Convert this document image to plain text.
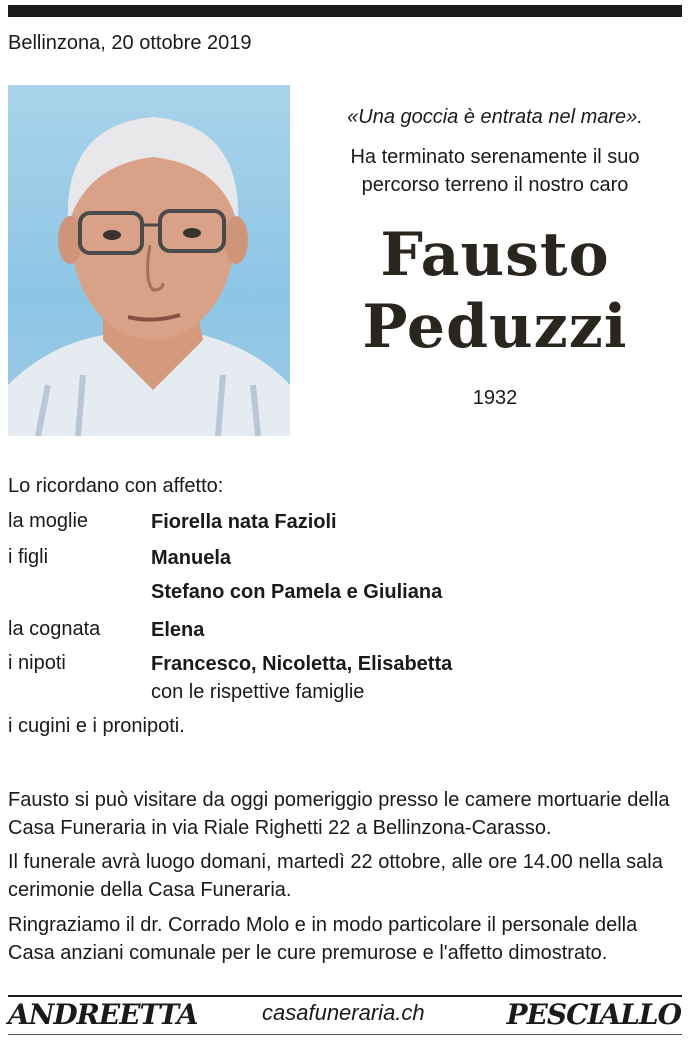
Bellinzona, 20 ottobre 2019
«Una goccia è entrata nel mare».
Ha terminato serenamente il suo
percorso terreno il nostro caro
Fausto
Peduzzi
1932
Lo ricordano con affetto:
la moglie	Fiorella nata Fazioli
i figli	Manuela
Stefano con Pamela e Giuliana
la cognata	Elena
i nipoti	Francesco, Nicoletta, Elisabetta
con le rispettive famiglie
i cugini e i pronipoti.
Fausto si può visitare da oggi pomeriggio presso le camere mortuarie della Casa Funeraria in via Riale Righetti 22 a Bellinzona-Carasso.
Il funerale avrà luogo domani, martedì 22 ottobre, alle ore 14.00 nella sala cerimonie della Casa Funeraria.
Ringraziamo il dr. Corrado Molo e in modo particolare il personale della Casa anziani comunale per le cure premurose e l'affetto dimostrato.
ANDREETTA	casafuneraria.ch	PESCIALLO
